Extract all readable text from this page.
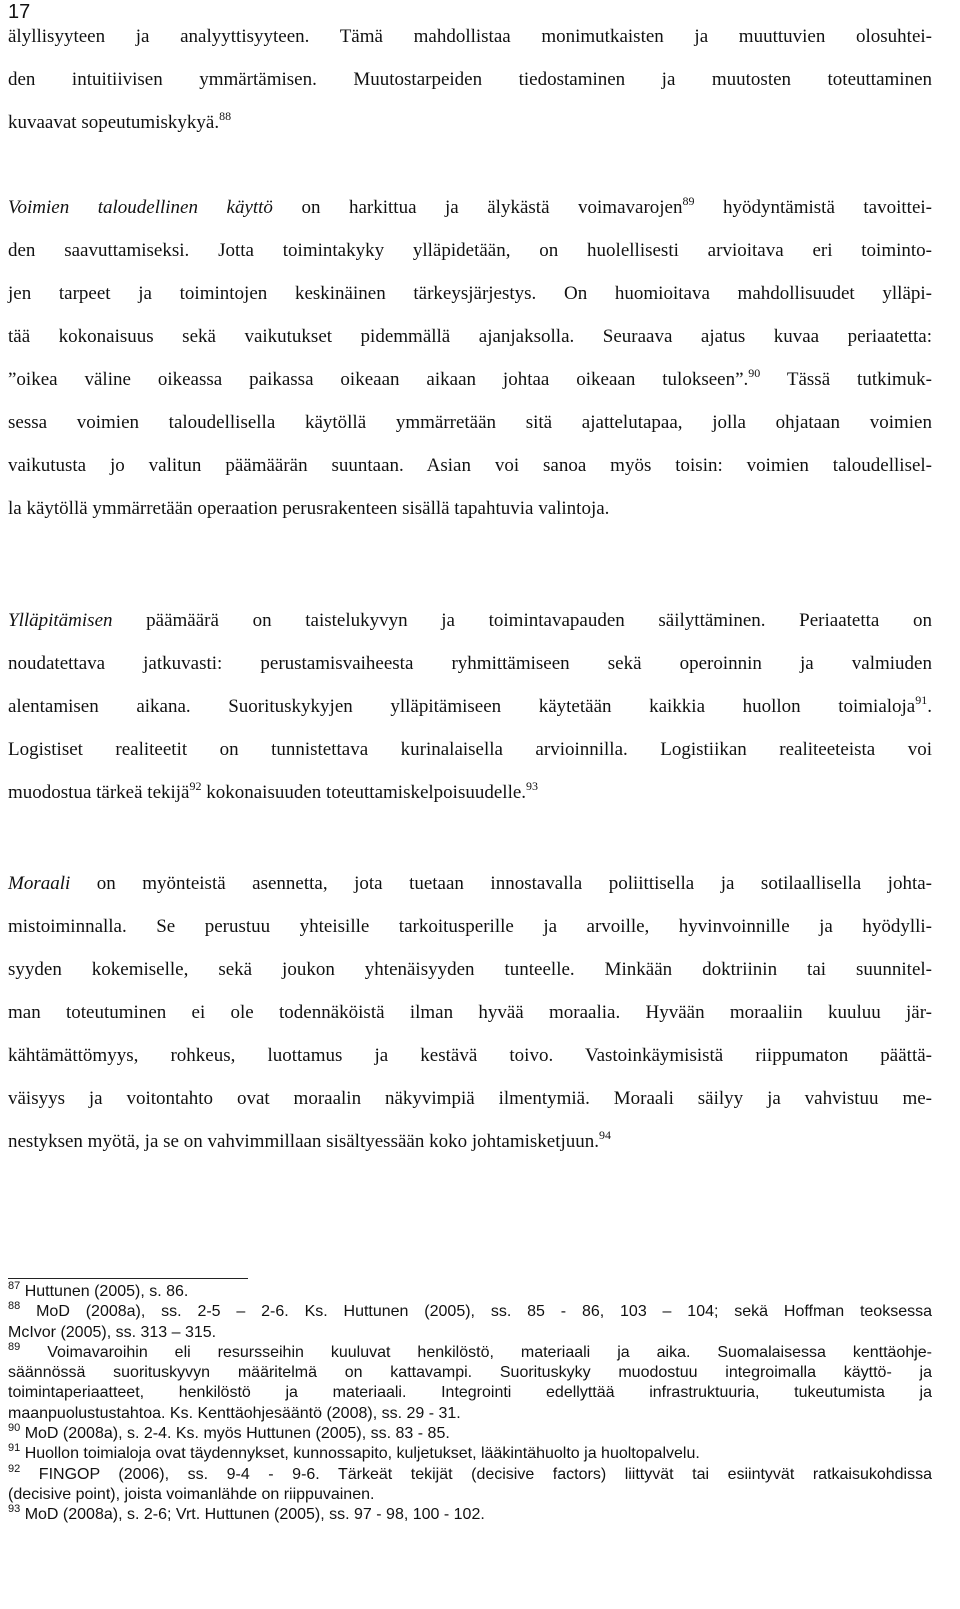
17
älyllisyyteen ja analyyttisyyteen. Tämä mahdollistaa monimutkaisten ja muuttuvien olosuhtei-
den intuitiivisen ymmärtämisen. Muutostarpeiden tiedostaminen ja muutosten toteuttaminen
kuvaavat sopeutumiskykyä.$^{88}$
Voimien taloudellinen käyttö on harkittua ja älykästä voimavarojen$^{89}$ hyödyntämistä tavoittei-
den saavuttamiseksi. Jotta toimintakyky ylläpidetään, on huolellisesti arvioitava eri toiminto-
jen tarpeet ja toimintojen keskinäinen tärkeysjärjestys. On huomioitava mahdollisuudet ylläpi-
tää kokonaisuus sekä vaikutukset pidemmällä ajanjaksolla. Seuraava ajatus kuvaa periaatetta:
”oikea väline oikeassa paikassa oikeaan aikaan johtaa oikeaan tulokseen”.$^{90}$ Tässä tutkimuk-
sessa voimien taloudellisella käytöllä ymmärretään sitä ajattelutapaa, jolla ohjataan voimien
vaikutusta jo valitun päämäärän suuntaan. Asian voi sanoa myös toisin: voimien taloudellisel-
la käytöllä ymmärretään operaation perusrakenteen sisällä tapahtuvia valintoja.
Ylläpitämisen päämäärä on taistelukyvyn ja toimintavapauden säilyttäminen. Periaatetta on
noudatettava jatkuvasti: perustamisvaiheesta ryhmittämiseen sekä operoinnin ja valmiuden
alentamisen aikana. Suorituskykyjen ylläpitämiseen käytetään kaikkia huollon toimialoja$^{91}$.
Logistiset realiteetit on tunnistettava kurinalaisella arvioinnilla. Logistiikan realiteeteista voi
muodostua tärkeä tekijä$^{92}$ kokonaisuuden toteuttamiskelpoisuudelle.$^{93}$
Moraali on myönteistä asennetta, jota tuetaan innostavalla poliittisella ja sotilaallisella johta-
mistoiminnalla. Se perustuu yhteisille tarkoitusperille ja arvoille, hyvinvoinnille ja hyödylli-
syyden kokemiselle, sekä joukon yhtenäisyyden tunteelle. Minkään doktriinin tai suunnitel-
man toteutuminen ei ole todennäköistä ilman hyvää moraalia. Hyvään moraaliin kuuluu jär-
kähtämättömyys, rohkeus, luottamus ja kestävä toivo. Vastoinkäymisistä riippumaton päättä-
väisyys ja voitontahto ovat moraalin näkyvimpiä ilmentymiä. Moraali säilyy ja vahvistuu me-
nestyksen myötä, ja se on vahvimmillaan sisältyessään koko johtamisketjuun.$^{94}$
$^{87}$ Huttunen (2005), s. 86.
$^{88}$ MoD (2008a), ss. 2-5 – 2-6. Ks. Huttunen (2005), ss. 85 - 86, 103 – 104; sekä Hoffman teoksessa
McIvor (2005), ss. 313 – 315.
$^{89}$ Voimavaroihin eli resursseihin kuuluvat henkilöstö, materiaali ja aika. Suomalaisessa kenttäohje-
säännössä suorituskyvyn määritelmä on kattavampi. Suorituskyky muodostuu integroimalla käyttö- ja
toimintaperiaatteet, henkilöstö ja materiaali. Integrointi edellyttää infrastruktuuria, tukeutumista ja
maanpuolustustahtoa. Ks. Kenttäohjesääntö (2008), ss. 29 - 31.
$^{90}$ MoD (2008a), s. 2-4. Ks. myös Huttunen (2005), ss. 83 - 85.
$^{91}$ Huollon toimialoja ovat täydennykset, kunnossapito, kuljetukset, lääkintähuolto ja huoltopalvelu.
$^{92}$ FINGOP (2006), ss. 9-4 - 9-6. Tärkeät tekijät (decisive factors) liittyvät tai esiintyvät ratkaisukohdissa
(decisive point), joista voimanlähde on riippuvainen.
$^{93}$ MoD (2008a), s. 2-6; Vrt. Huttunen (2005), ss. 97 - 98, 100 - 102.
